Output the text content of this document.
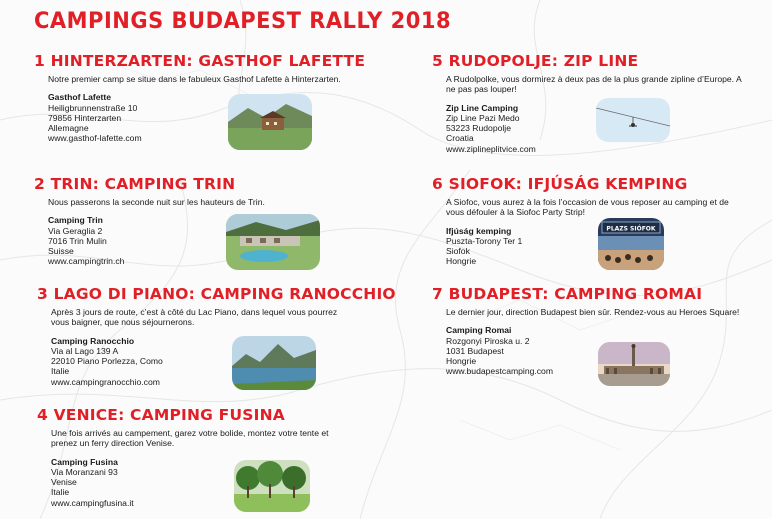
CAMPINGS BUDAPEST RALLY 2018
1 HINTERZARTEN: GASTHOF LAFETTE
Notre premier camp se situe dans le fabuleux Gasthof Lafette à Hinterzarten.
Gasthof Lafette
Heiligbrunnenstraße 10
79856 Hinterzarten
Allemagne
www.gasthof-lafette.com
2 TRIN: CAMPING TRIN
Nous passerons la seconde nuit sur les hauteurs de Trin.
Camping Trin
Via Geraglia 2
7016 Trin Mulin
Suisse
www.campingtrin.ch
3 LAGO DI PIANO: CAMPING RANOCCHIO
Après 3 jours de route, c’est à côté du Lac Piano, dans lequel vous pourrez vous baigner, que nous séjournerons.
Camping Ranocchio
Via al Lago 139 A
22010 Piano Porlezza, Como
Italie
www.campingranocchio.com
4 VENICE: CAMPING FUSINA
Une fois arrivés au campement, garez votre bolide, montez votre tente et prenez un ferry direction Venise.
Camping Fusina
Via Moranzani 93
Venise
Italie
www.campingfusina.it
5 RUDOPOLJE: ZIP LINE
A Rudolpolke, vous dormirez à deux pas de la plus grande zipline d’Europe. A ne pas pas louper!
Zip Line Camping
Zip Line Pazi Medo
53223 Rudopolje
Croatia
www.ziplineplitvice.com
6 SIOFOK: IFJÚSÁG KEMPING
A Siofoc, vous aurez à la fois l’occasion de vous reposer au camping et de vous défouler à la Siofoc Party Strip!
Ifjúság kemping
Puszta-Torony Ter 1
Siofok
Hongrie
PLAZS SIÓFOK
7 BUDAPEST: CAMPING ROMAI
Le dernier jour, direction Budapest bien sûr. Rendez-vous au Heroes Square!
Camping Romai
Rozgonyi Piroska u. 2
1031 Budapest
Hongrie
www.budapestcamping.com
